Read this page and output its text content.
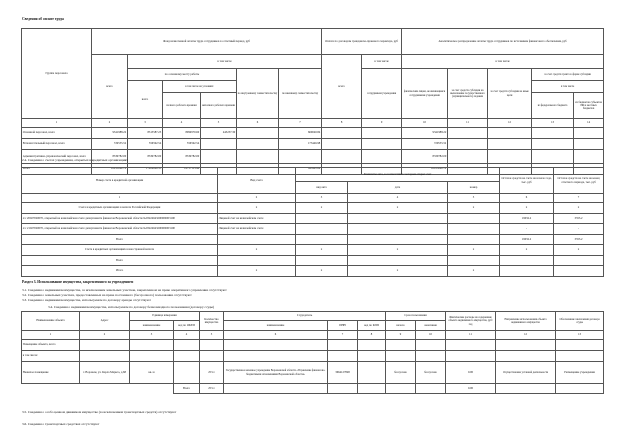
Сведения об оплате труда
Группа персонала	Фонд начисленной оплаты труда сотрудников за отчетный период, руб						Оплата по договорам гражданско-правового характера, руб		Аналитическое распределение оплаты труда сотрудников по источникам финансового обеспечения, руб					
	всего	в том числе					всего	в том числе	в том числе					
		по основному месту работы			по внутреннему совместительству	по внешнему совместительству		сотрудникам учреждения	физическим лицам, не являющимся сотрудниками учреждения	за счет средств субсидии на выполнение государственного (муниципального) задания	за счет средств субсидии на иные цели	за счет средств гранта в форме субсидии	
		всего	в том числе на условиях:									в том числе		
			полного рабочего времени	неполного рабочего времени								из федерального бюджета	из бюджетов субъектов РФ и местных бюджетов	
1	2	3	4	5	6	7	8	9	10	11	12	13	14	
Основной персонал, всего	9341988.22	8315587.25	8099970.60	445237.30		669040.84			9341988.22					
Вспомогательный персонал, всего	729555.52	556592.54	556592.54			173446.98			729555.52					
Административно-управленческий персонал, всего	8339782.00	8339782.00	8339782.00						8339782.00					
Итого	18015242.70	17209660.33	16737115.44			843461.89			18015242.70					
2.4. Сведения о счетах учреждения, открытых в кредитных организациях
Номер счета в кредитной организации	Вид счета	Реквизиты акта, в соответствии с которым открыт счет			Остаток средств на счете на начало года, тыс. руб	Остаток средств на счете на конец отчетного периода, тыс. руб
		вид акта	дата	номер		
1	2	3	4	5	6	7
Счета в кредитных организациях в валюте Российской Федерации	х	х	х	х	х	х
л/с 20027020070, открытый на казначейском счете департамента финансов Воронежской области №03224643200000003100	Лицевой счет на казначейском счете				19032.2	3353.2
л/с 21027020070, открытый на казначейском счете департамента финансов Воронежской области №03224643200000003100	Лицевой счет на казначейском счете				-	-
Всего					19032.2	3353.2
Счета в кредитных организациях в иностранной валюте	х	х	х	х	х	х
Всего						
Итого	х	х	х	х		
Раздел 3. Использование имущества, закрепленного за учреждением
3.1. Сведения о недвижимом имуществе, за исключением земельных участков, закрепленном на праве оперативного управления отсутствуют
3.2. Сведения о земельных участках, предоставленных на праве постоянного (бессрочного) пользования отсутствуют
3.3. Сведения о недвижимом имуществе, используемом по договору аренды отсутствуют
3.4. Сведения о недвижимом имуществе, используемом по договору безвозмездного пользования (договору ссуды)
Наименование объекта	Адрес	Единица измерения		Количество имущества	Ссудодатель			Срок пользования		Фактические расходы на содержание объекта недвижимого имущества, руб/год	Направление использования объекта недвижимого имущества	Обоснование заключения договора ссуды
		наименование	код по ОКЕИ		наименование	ИНН	код по КПП	начало	окончание			
1	2	3	4	5	6	7	8	9	10	11	12	13
Помещение объекта, всего												
в том числе:												
Нежилое помещение	г. Воронеж, ул. Карла Маркса, д.68	кв. м		253.1	Государственное казенное учреждение Воронежской области «Управление финансово-бюджетными отношениями Воронежской области»	3664127848		бессрочно	бессрочно	0.00	Осуществление уставной деятельности	Размещение учреждения
			Всего	253.1						0.00		
3.5. Сведения о особо ценном движимом имуществе (за исключением транспортных средств) отсутствуют
3.6. Сведения о транспортных средствах отсутствуют
